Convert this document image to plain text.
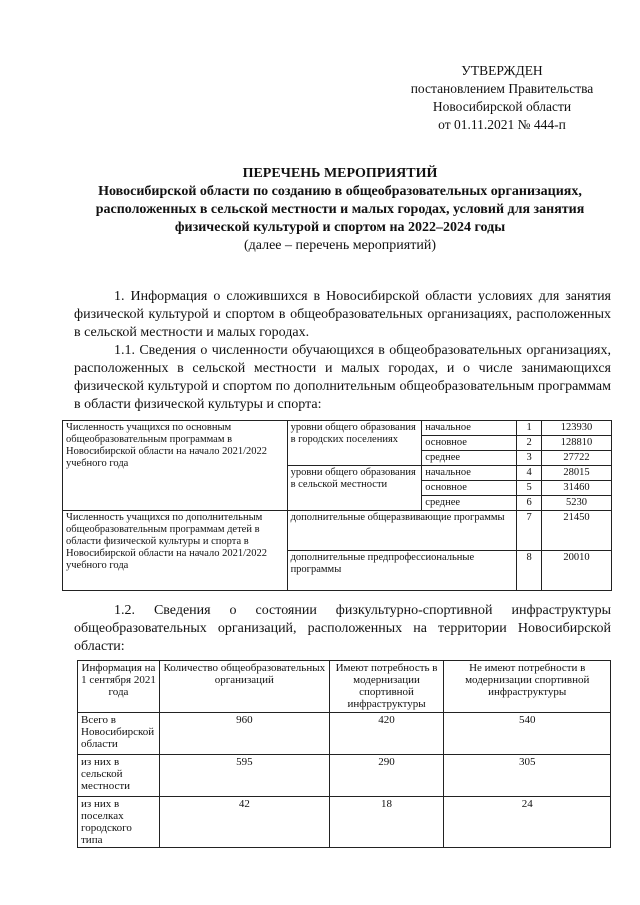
УТВЕРЖДЕН
постановлением Правительства
Новосибирской области
от 01.11.2021 № 444-п
ПЕРЕЧЕНЬ МЕРОПРИЯТИЙ
Новосибирской области по созданию в общеобразовательных организациях,
расположенных в сельской местности и малых городах, условий для занятия
физической культурой и спортом на 2022–2024 годы
(далее – перечень мероприятий)
1. Информация о сложившихся в Новосибирской области условиях для занятия физической культурой и спортом в общеобразовательных организациях, расположенных в сельской местности и малых городах.
1.1. Сведения о численности обучающихся в общеобразовательных организациях, расположенных в сельской местности и малых городах, и о числе занимающихся физической культурой и спортом по дополнительным общеобразовательным программам в области физической культуры и спорта:
Численность учащихся по основным общеобразовательным программам в Новосибирской области на начало 2021/2022 учебного года	уровни общего образования в городских поселениях	начальное	1	123930
		основное	2	128810
		среднее	3	27722
	уровни общего образования в сельской местности	начальное	4	28015
		основное	5	31460
		среднее	6	5230
Численность учащихся по дополнительным общеобразовательным программам детей в области физической культуры и спорта в Новосибирской области на начало 2021/2022 учебного года	дополнительные общеразвивающие программы		7	21450
	дополнительные предпрофессиональные программы		8	20010
1.2. Сведения о состоянии физкультурно-спортивной инфраструктуры общеобразовательных организаций, расположенных на территории Новосибирской области:
Информация на 1 сентября 2021 года	Количество общеобразовательных организаций	Имеют потребность в модернизации спортивной инфраструктуры	Не имеют потребности в модернизации спортивной инфраструктуры
Всего в Новосибирской области	960	420	540
из них в сельской местности	595	290	305
из них в поселках городского типа	42	18	24
